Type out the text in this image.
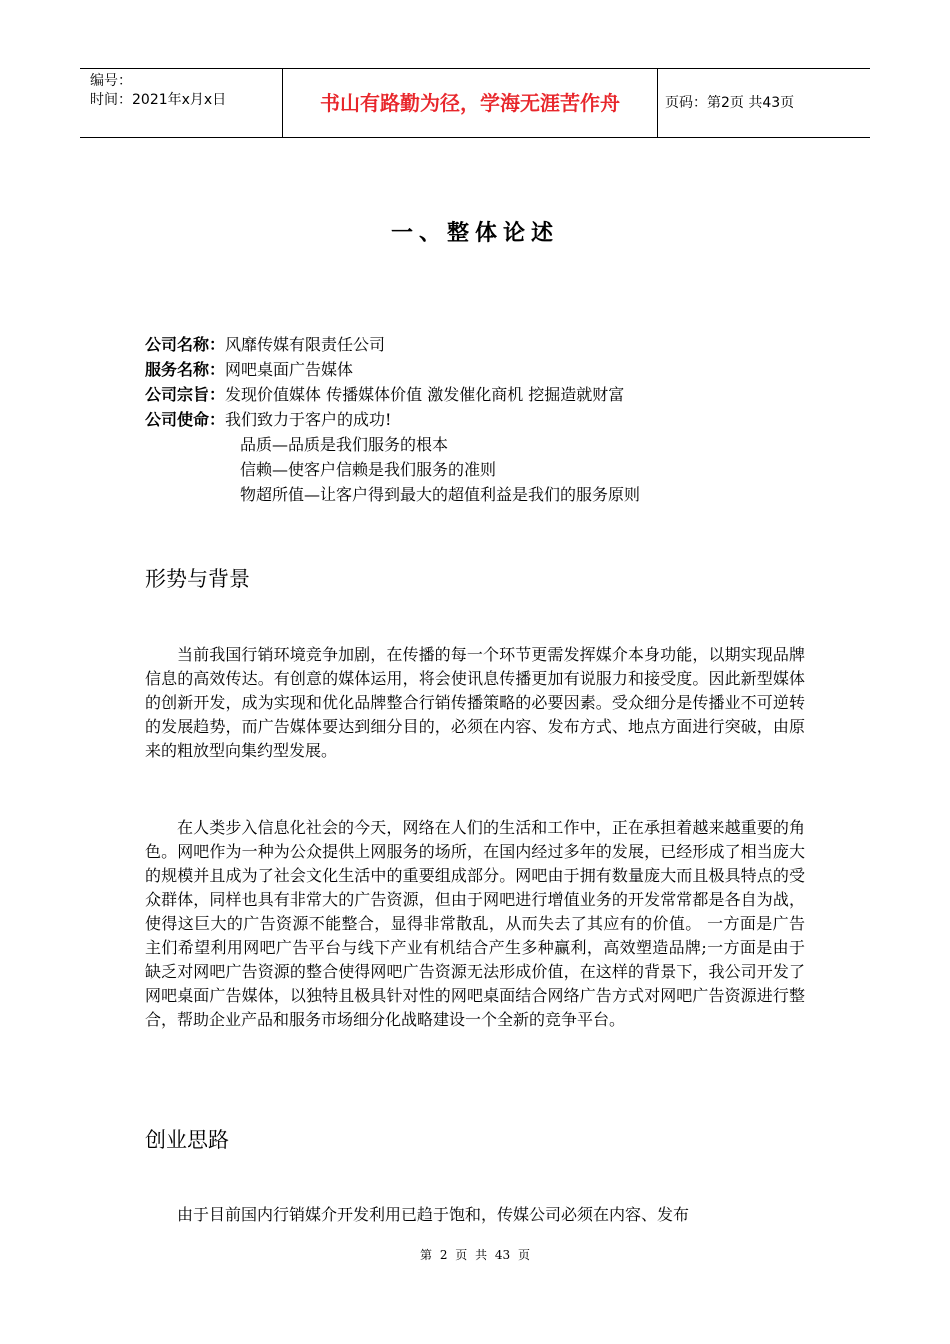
编号：
时间：2021年x月x日	书山有路勤为径，学海无涯苦作舟	页码：第2页 共43页
一、整体论述
公司名称：风靡传媒有限责任公司
服务名称：网吧桌面广告媒体
公司宗旨：发现价值媒体 传播媒体价值 激发催化商机 挖掘造就财富
公司使命：我们致力于客户的成功!
品质—品质是我们服务的根本
信赖—使客户信赖是我们服务的准则
物超所值—让客户得到最大的超值利益是我们的服务原则
形势与背景
当前我国行销环境竞争加剧，在传播的每一个环节更需发挥媒介本身功能，以期实现品牌信息的高效传达。有创意的媒体运用，将会使讯息传播更加有说服力和接受度。因此新型媒体的创新开发，成为实现和优化品牌整合行销传播策略的必要因素。受众细分是传播业不可逆转的发展趋势，而广告媒体要达到细分目的，必须在内容、发布方式、地点方面进行突破，由原来的粗放型向集约型发展。
在人类步入信息化社会的今天，网络在人们的生活和工作中，正在承担着越来越重要的角色。网吧作为一种为公众提供上网服务的场所，在国内经过多年的发展，已经形成了相当庞大的规模并且成为了社会文化生活中的重要组成部分。网吧由于拥有数量庞大而且极具特点的受众群体，同样也具有非常大的广告资源，但由于网吧进行增值业务的开发常常都是各自为战，使得这巨大的广告资源不能整合，显得非常散乱，从而失去了其应有的价值。 一方面是广告主们希望利用网吧广告平台与线下产业有机结合产生多种赢利，高效塑造品牌;一方面是由于缺乏对网吧广告资源的整合使得网吧广告资源无法形成价值，在这样的背景下，我公司开发了网吧桌面广告媒体，以独特且极具针对性的网吧桌面结合网络广告方式对网吧广告资源进行整合，帮助企业产品和服务市场细分化战略建设一个全新的竞争平台。
创业思路
由于目前国内行销媒介开发利用已趋于饱和，传媒公司必须在内容、发布
第 2 页 共 43 页
